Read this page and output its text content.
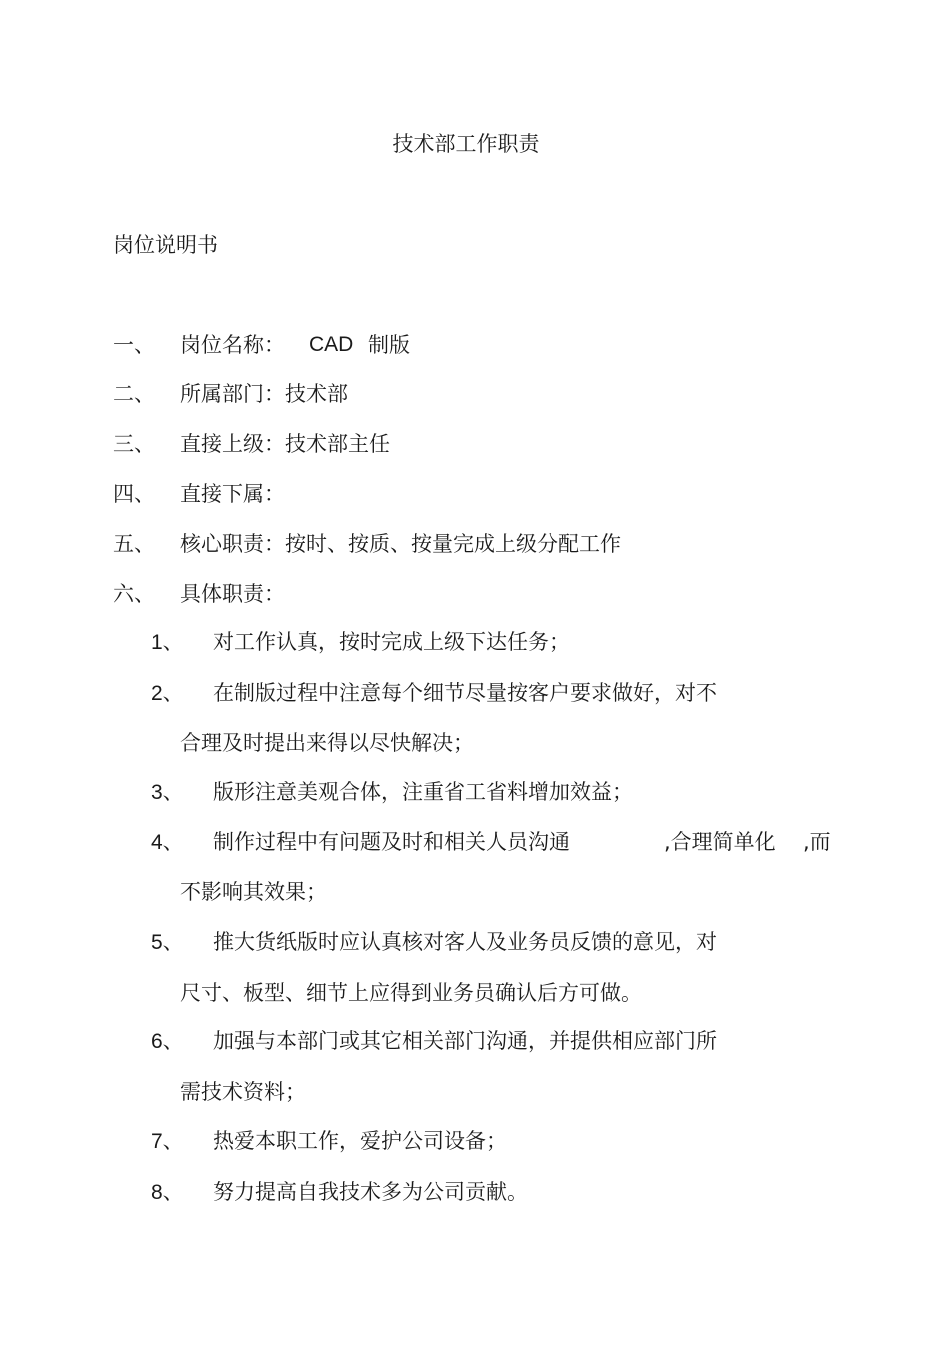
技术部工作职责
岗位说明书
一、 岗位名称： CAD 制版
二、 所属部门：技术部
三、 直接上级：技术部主任
四、 直接下属：
五、 核心职责：按时、按质、按量完成上级分配工作
六、 具体职责：
1、 对工作认真，按时完成上级下达任务；
2、 在制版过程中注意每个细节尽量按客户要求做好，对不
合理及时提出来得以尽快解决；
3、 版形注意美观合体，注重省工省料增加效益；
4、 制作过程中有问题及时和相关人员沟通	,合理简单化 ,而
不影响其效果；
5、 推大货纸版时应认真核对客人及业务员反馈的意见，对
尺寸、板型、细节上应得到业务员确认后方可做。
6、 加强与本部门或其它相关部门沟通，并提供相应部门所
需技术资料；
7、 热爱本职工作，爱护公司设备；
8、 努力提高自我技术多为公司贡献。
